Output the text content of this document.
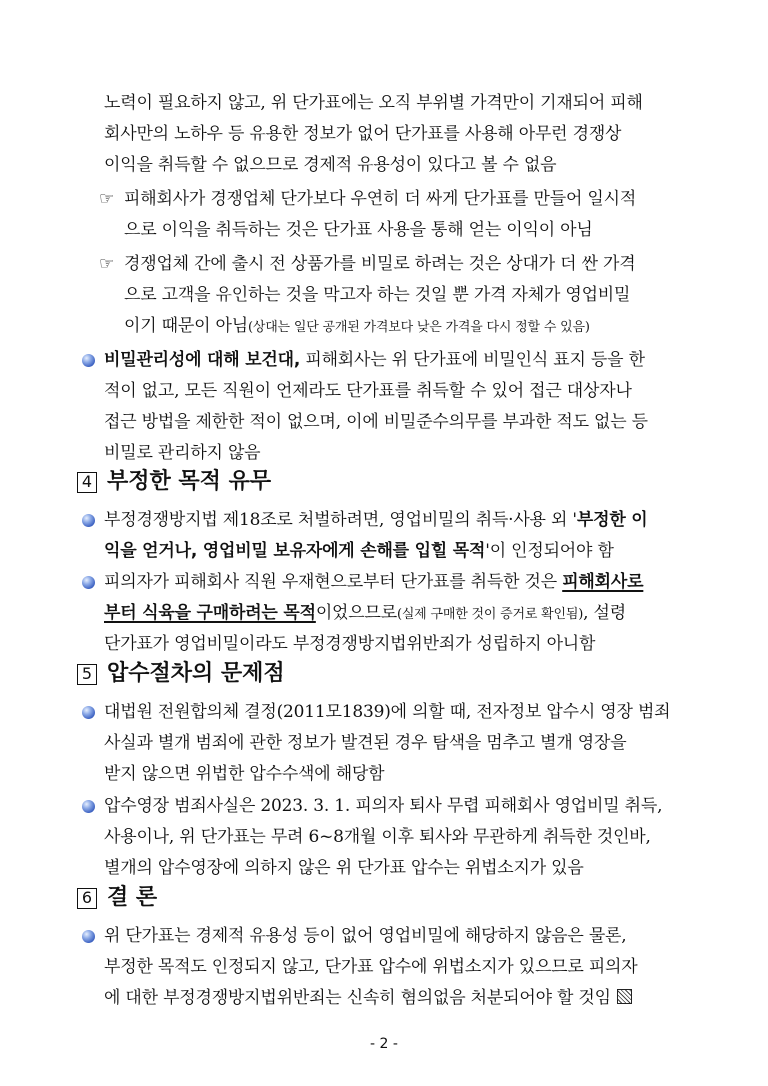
노력이 필요하지 않고, 위 단가표에는 오직 부위별 가격만이 기재되어 피해
회사만의 노하우 등 유용한 정보가 없어 단가표를 사용해 아무런 경쟁상
이익을 취득할 수 없으므로 경제적 유용성이 있다고 볼 수 없음
☞ 피해회사가 경쟁업체 단가보다 우연히 더 싸게 단가표를 만들어 일시적
으로 이익을 취득하는 것은 단가표 사용을 통해 얻는 이익이 아님
☞ 경쟁업체 간에 출시 전 상품가를 비밀로 하려는 것은 상대가 더 싼 가격
으로 고객을 유인하는 것을 막고자 하는 것일 뿐 가격 자체가 영업비밀
이기 때문이 아님(상대는 일단 공개된 가격보다 낮은 가격을 다시 정할 수 있음)
비밀관리성에 대해 보건대, 피해회사는 위 단가표에 비밀인식 표지 등을 한
적이 없고, 모든 직원이 언제라도 단가표를 취득할 수 있어 접근 대상자나
접근 방법을 제한한 적이 없으며, 이에 비밀준수의무를 부과한 적도 없는 등
비밀로 관리하지 않음
4 부정한 목적 유무
부정경쟁방지법 제18조로 처벌하려면, 영업비밀의 취득·사용 외 '부정한 이
익을 얻거나, 영업비밀 보유자에게 손해를 입힐 목적'이 인정되어야 함
피의자가 피해회사 직원 우재현으로부터 단가표를 취득한 것은 피해회사로
부터 식육을 구매하려는 목적이었으므로(실제 구매한 것이 증거로 확인됨), 설령
단가표가 영업비밀이라도 부정경쟁방지법위반죄가 성립하지 아니함
5 압수절차의 문제점
대법원 전원합의체 결정(2011모1839)에 의할 때, 전자정보 압수시 영장 범죄
사실과 별개 범죄에 관한 정보가 발견된 경우 탐색을 멈추고 별개 영장을
받지 않으면 위법한 압수수색에 해당함
압수영장 범죄사실은 2023. 3. 1. 피의자 퇴사 무렵 피해회사 영업비밀 취득,
사용이나, 위 단가표는 무려 6~8개월 이후 퇴사와 무관하게 취득한 것인바,
별개의 압수영장에 의하지 않은 위 단가표 압수는 위법소지가 있음
6 결 론
위 단가표는 경제적 유용성 등이 없어 영업비밀에 해당하지 않음은 물론,
부정한 목적도 인정되지 않고, 단가표 압수에 위법소지가 있으므로 피의자
에 대한 부정경쟁방지법위반죄는 신속히 혐의없음 처분되어야 할 것임
- 2 -
